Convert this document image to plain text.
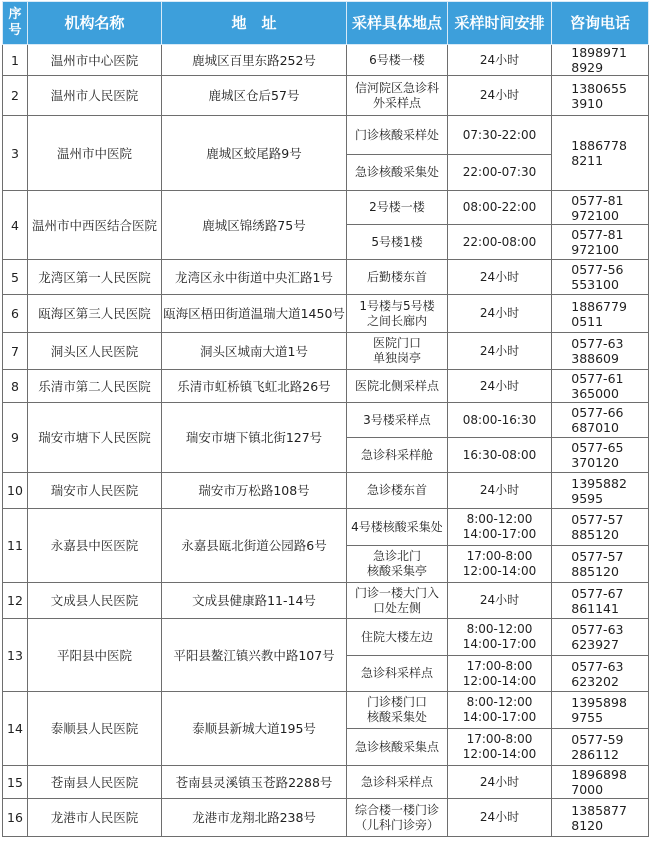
序号	机构名称	地　址	采样具体地点	采样时间安排	咨询电话
1	温州市中心医院	鹿城区百里东路252号	6号楼一楼	24小时	18989718929
2	温州市人民医院	鹿城区仓后57号	信河院区急诊科
外采样点	24小时	13806553910
3	温州市中医院	鹿城区蛟尾路9号	门诊核酸采样处	07:30-22:00	18867788211
			急诊核酸采集处	22:00-07:30	
4	温州市中西医结合医院	鹿城区锦绣路75号	2号楼一楼	08:00-22:00	0577-81972100
			5号楼1楼	22:00-08:00	0577-81972100
5	龙湾区第一人民医院	龙湾区永中街道中央汇路1号	后勤楼东首	24小时	0577-56553100
6	瓯海区第三人民医院	瓯海区梧田街道温瑞大道1450号	1号楼与5号楼
之间长廊内	24小时	18867790511
7	洞头区人民医院	洞头区城南大道1号	医院门口
单独岗亭	24小时	0577-63388609
8	乐清市第二人民医院	乐清市虹桥镇飞虹北路26号	医院北侧采样点	24小时	0577-61365000
9	瑞安市塘下人民医院	瑞安市塘下镇北街127号	3号楼采样点	08:00-16:30	0577-66687010
			急诊科采样舱	16:30-08:00	0577-65370120
10	瑞安市人民医院	瑞安市万松路108号	急诊楼东首	24小时	13958829595
11	永嘉县中医医院	永嘉县瓯北街道公园路6号	4号楼核酸采集处	8:00-12:00
14:00-17:00	0577-57885120
			急诊北门
核酸采集亭	17:00-8:00
12:00-14:00	0577-57885120
12	文成县人民医院	文成县健康路11-14号	门诊一楼大门入
口处左侧	24小时	0577-67861141
13	平阳县中医院	平阳县鳌江镇兴教中路107号	住院大楼左边	8:00-12:00
14:00-17:00	0577-63623927
			急诊科采样点	17:00-8:00
12:00-14:00	0577-63623202
14	泰顺县人民医院	泰顺县新城大道195号	门诊楼门口
核酸采集处	8:00-12:00
14:00-17:00	13958989755
			急诊核酸采集点	17:00-8:00
12:00-14:00	0577-59286112
15	苍南县人民医院	苍南县灵溪镇玉苍路2288号	急诊科采样点	24小时	18968987000
16	龙港市人民医院	龙港市龙翔北路238号	综合楼一楼门诊
（儿科门诊旁）	24小时	13858778120
